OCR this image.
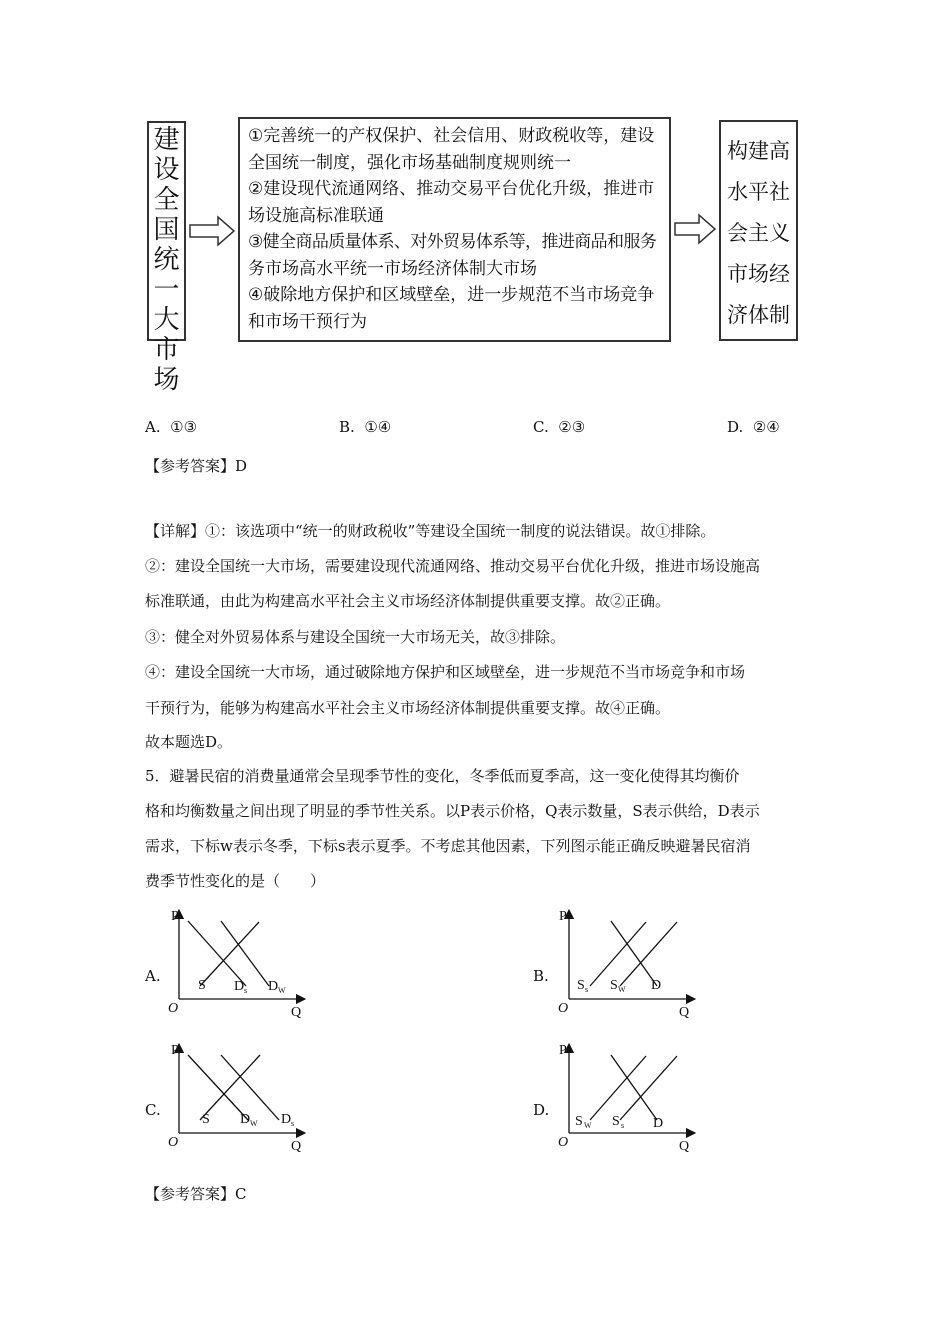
建
设
全
国
统
一
大
市
场
①完善统一的产权保护、社会信用、财政税收等，建设
全国统一制度，强化市场基础制度规则统一
②建设现代流通网络、推动交易平台优化升级，推进市
场设施高标准联通
③健全商品质量体系、对外贸易体系等，推进商品和服务
务市场高水平统一市场经济体制大市场
④破除地方保护和区域壁垒，进一步规范不当市场竞争
和市场干预行为
构建高
水平社
会主义
市场经
济体制
A. ①③	B. ①④	C. ②③	D. ②④
【参考答案】D
【详解】①：该选项中“统一的财政税收”等建设全国统一制度的说法错误。故①排除。
②：建设全国统一大市场，需要建设现代流通网络、推动交易平台优化升级，推进市场设施高
标准联通，由此为构建高水平社会主义市场经济体制提供重要支撑。故②正确。
③：健全对外贸易体系与建设全国统一大市场无关，故③排除。
④：建设全国统一大市场，通过破除地方保护和区域壁垒，进一步规范不当市场竞争和市场
干预行为，能够为构建高水平社会主义市场经济体制提供重要支撑。故④正确。
故本题选D。
5．避暑民宿的消费量通常会呈现季节性的变化，冬季低而夏季高，这一变化使得其均衡价
格和均衡数量之间出现了明显的季节性关系。以P表示价格，Q表示数量，S表示供给，D表示
需求，下标w表示冬季，下标s表示夏季。不考虑其他因素，下列图示能正确反映避暑民宿消
费季节性变化的是（　　）
A.	B.
C.	D.
P
O	Q
S D s D W
P
O	Q
S s S W D
P
O	Q
S D W D s
P
O	Q
S W S s D
【参考答案】C
